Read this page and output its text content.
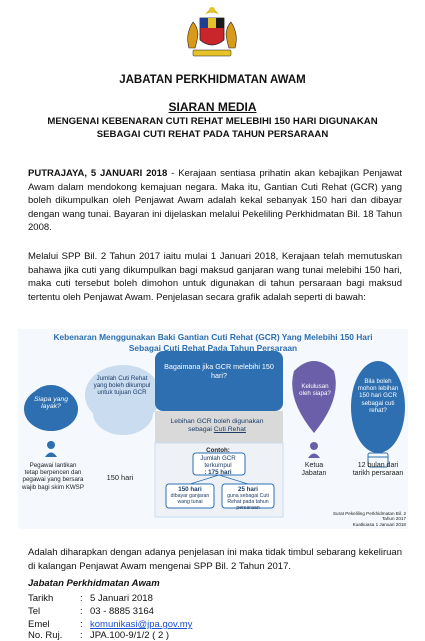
JABATAN PERKHIDMATAN AWAM
SIARAN MEDIA
MENGENAI KEBENARAN CUTI REHAT MELEBIHI 150 HARI DIGUNAKAN
SEBAGAI CUTI REHAT PADA TAHUN PERSARAAN
PUTRAJAYA, 5 JANUARI 2018 - Kerajaan sentiasa prihatin akan kebajikan Penjawat Awam dalam mendokong kemajuan negara. Maka itu, Gantian Cuti Rehat (GCR) yang boleh dikumpulkan oleh Penjawat Awam adalah kekal sebanyak 150 hari dan dibayar dengan wang tunai. Bayaran ini dijelaskan melalui Pekeliling Perkhidmatan Bil. 18 Tahun 2008.
Melalui SPP Bil. 2 Tahun 2017 iaitu mulai 1 Januari 2018, Kerajaan telah memutuskan bahawa jika cuti yang dikumpulkan bagi maksud ganjaran wang tunai melebihi 150 hari, maka cuti tersebut boleh dimohon untuk digunakan di tahun persaraan bagi maksud tertentu oleh Penjawat Awam. Penjelasan secara grafik adalah seperti di bawah:
Kebenaran Menggunakan Baki Gantian Cuti Rehat (GCR) Yang Melebihi 150 Hari
Sebagai Cuti Rehat Pada Tahun Persaraan
Siapa yang layak?
Jumlah Cuti Rehat yang boleh dikumpul untuk tujuan GCR
Bagaimana jika GCR melebihi 150 hari?
Kelulusan oleh siapa?
Bila boleh mohon lebihan 150 hari GCR sebagai cuti rehat?
Pegawai lantikan tetap berpencen dan pegawai yang bersara wajib bagi skim KWSP
150 hari
Lebihan GCR boleh digunakan
sebagai Cuti Rehat
Contoh:
Jumlah GCR terkumpul
: 175 hari
150 hari
dibayar ganjaran wang tunai
25 hari
guna sebagai Cuti Rehat pada tahun persaraan
Ketua Jabatan
12 bulan dari tarikh persaraan
Surat Pekeliling Perkhidmatan Bil. 2 Tahun 2017
Kuatkuasa 1 Januari 2018
Adalah diharapkan dengan adanya penjelasan ini maka tidak timbul sebarang kekeliruan di kalangan Penjawat Awam mengenai SPP Bil. 2 Tahun 2017.
Jabatan Perkhidmatan Awam
Tarikh	: 5 Januari 2018
Tel	: 03 - 8885 3164
Emel	: komunikasi@jpa.gov.my
No. Ruj. : JPA.100-9/1/2 ( 2 )
